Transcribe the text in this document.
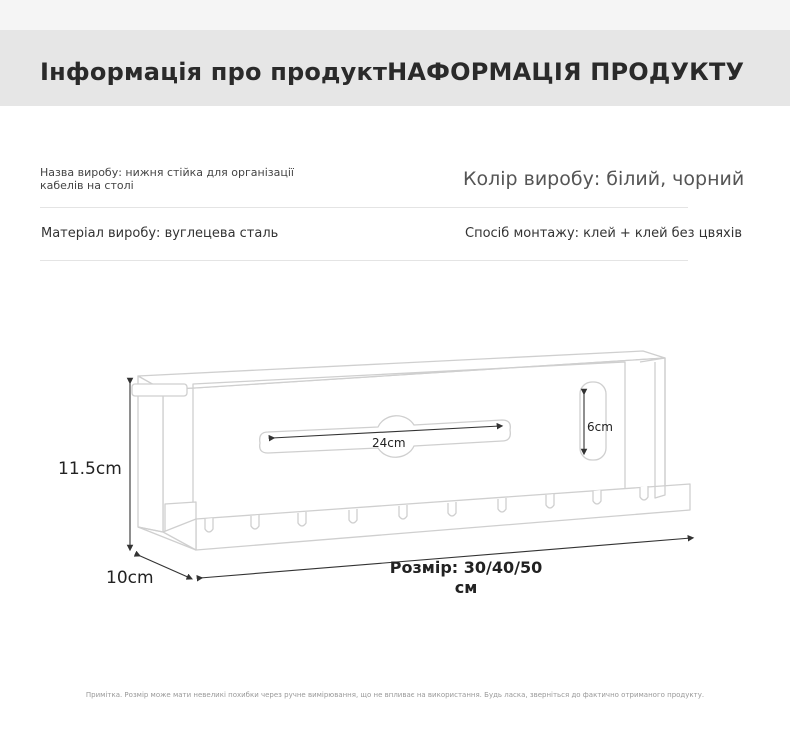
Інформація про продуктНАФОРМАЦІЯ ПРОДУКТУ
Назва виробу: нижня стійка для організації кабелів на столі	Колір виробу: білий, чорний
Матеріал виробу: вуглецева сталь	Спосіб монтажу: клей + клей без цвяхів
11.5cm
10cm
24cm
6cm
Розмір: 30/40/50 см
Примітка. Розмір може мати невеликі похибки через ручне вимірювання, що не впливає на використання. Будь ласка, зверніться до фактично отриманого продукту.
